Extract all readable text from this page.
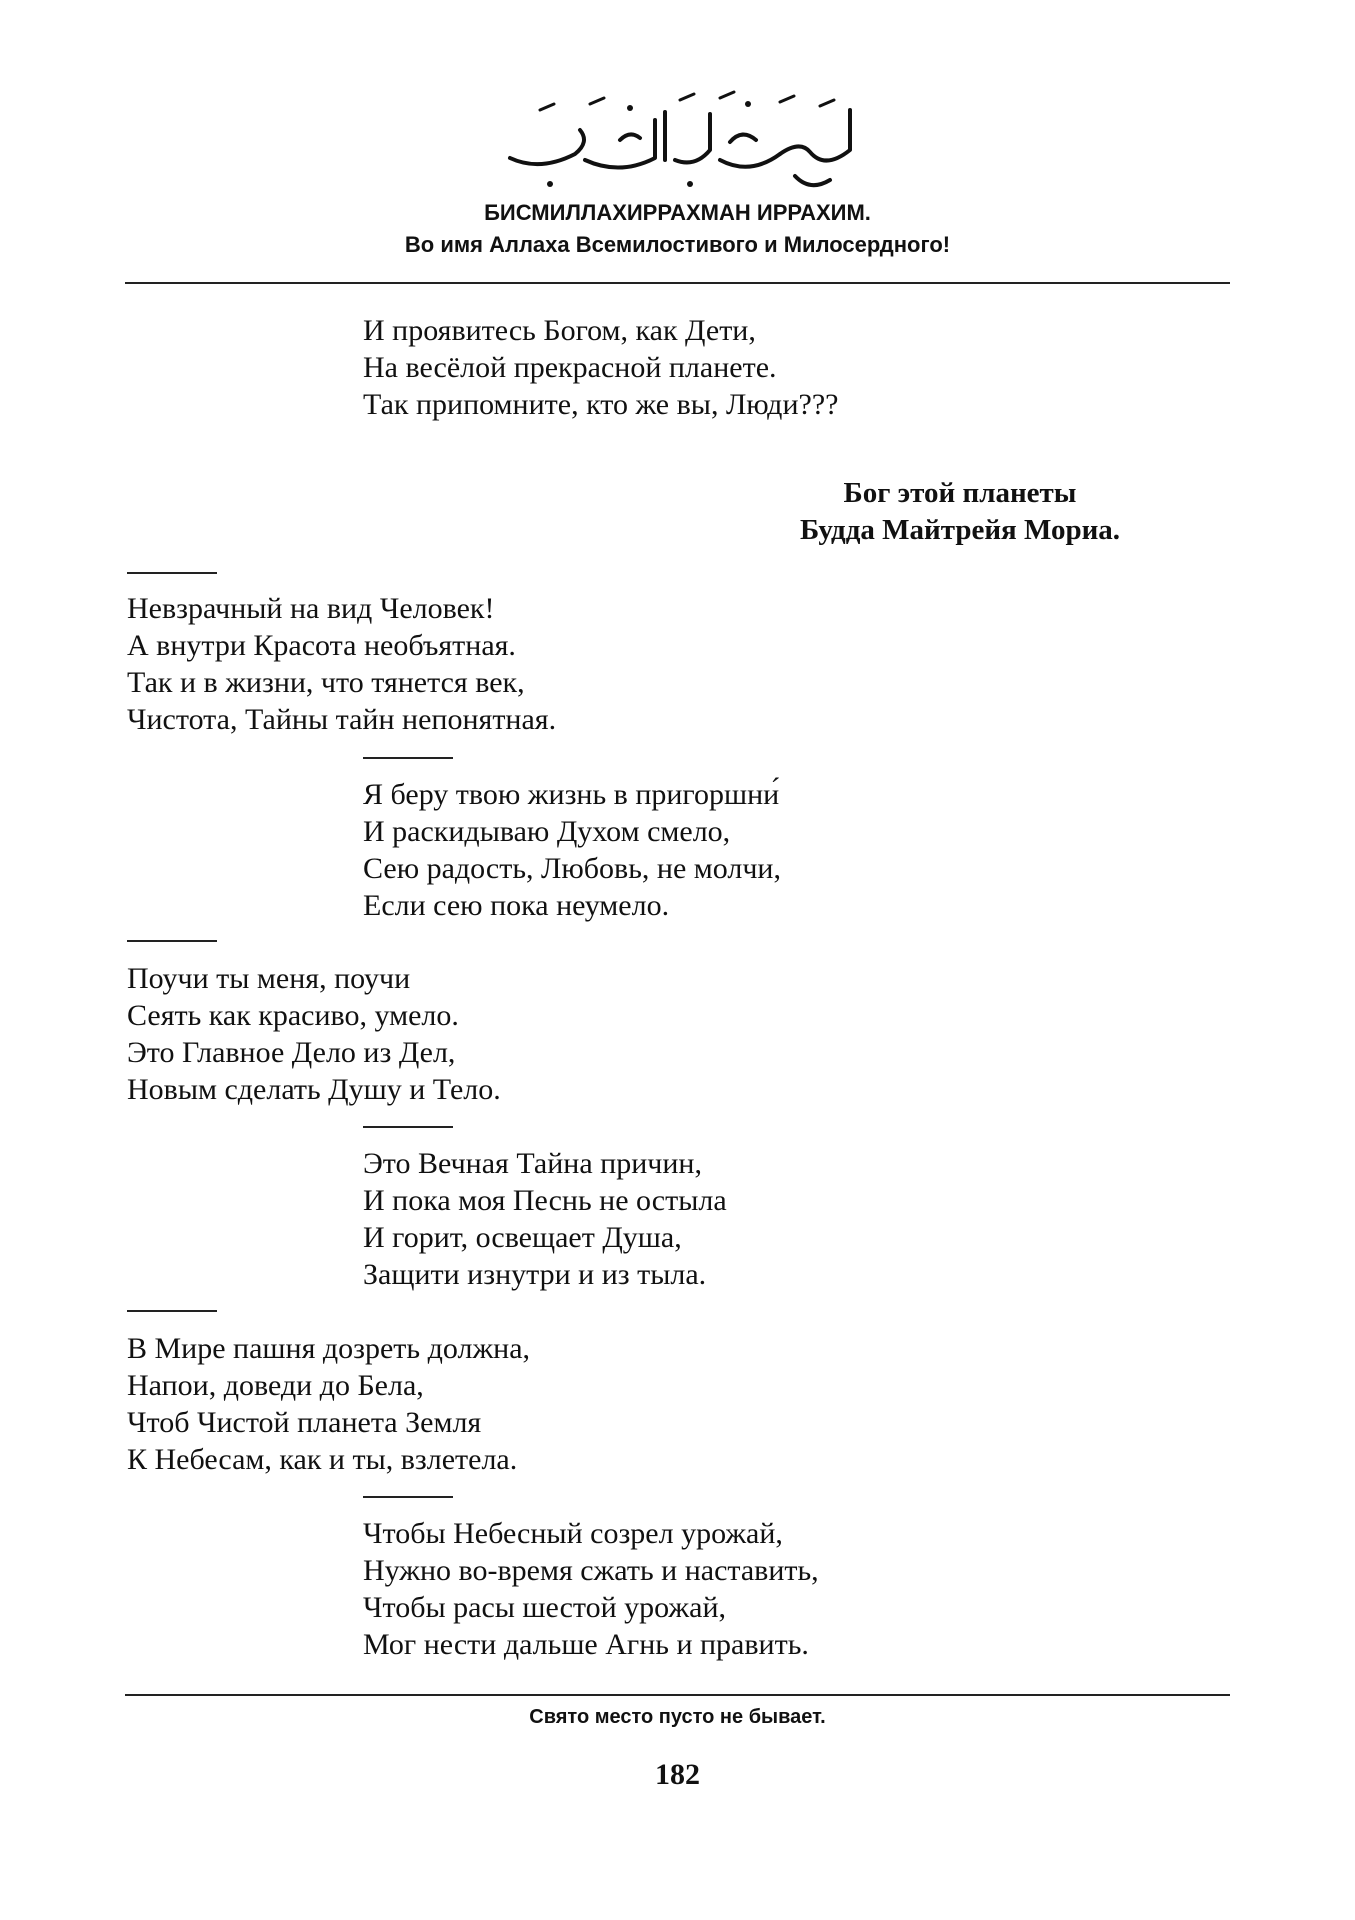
БИСМИЛЛАХИРРАХМАН ИРРАХИМ.
Во имя Аллаха Всемилостивого и Милосердного!
И проявитесь Богом, как Дети,
На весёлой прекрасной планете.
Так припомните, кто же вы, Люди???
Бог этой планеты
Будда Майтрейя Мориа.
Невзрачный на вид Человек!
А внутри Красота необъятная.
Так и в жизни, что тянется век,
Чистота, Тайны тайн непонятная.
Я беру твою жизнь в пригоршни́
И раскидываю Духом смело,
Сею радость, Любовь, не молчи,
Если сею пока неумело.
Поучи ты меня, поучи
Сеять как красиво, умело.
Это Главное Дело из Дел,
Новым сделать Душу и Тело.
Это Вечная Тайна причин,
И пока моя Песнь не остыла
И горит, освещает Душа,
Защити изнутри и из тыла.
В Мире пашня дозреть должна,
Напои, доведи до Бела,
Чтоб Чистой планета Земля
К Небесам, как и ты, взлетела.
Чтобы Небесный созрел урожай,
Нужно во-время сжать и наставить,
Чтобы расы шестой урожай,
Мог нести дальше Агнь и править.
Свято место пусто не бывает.
182
